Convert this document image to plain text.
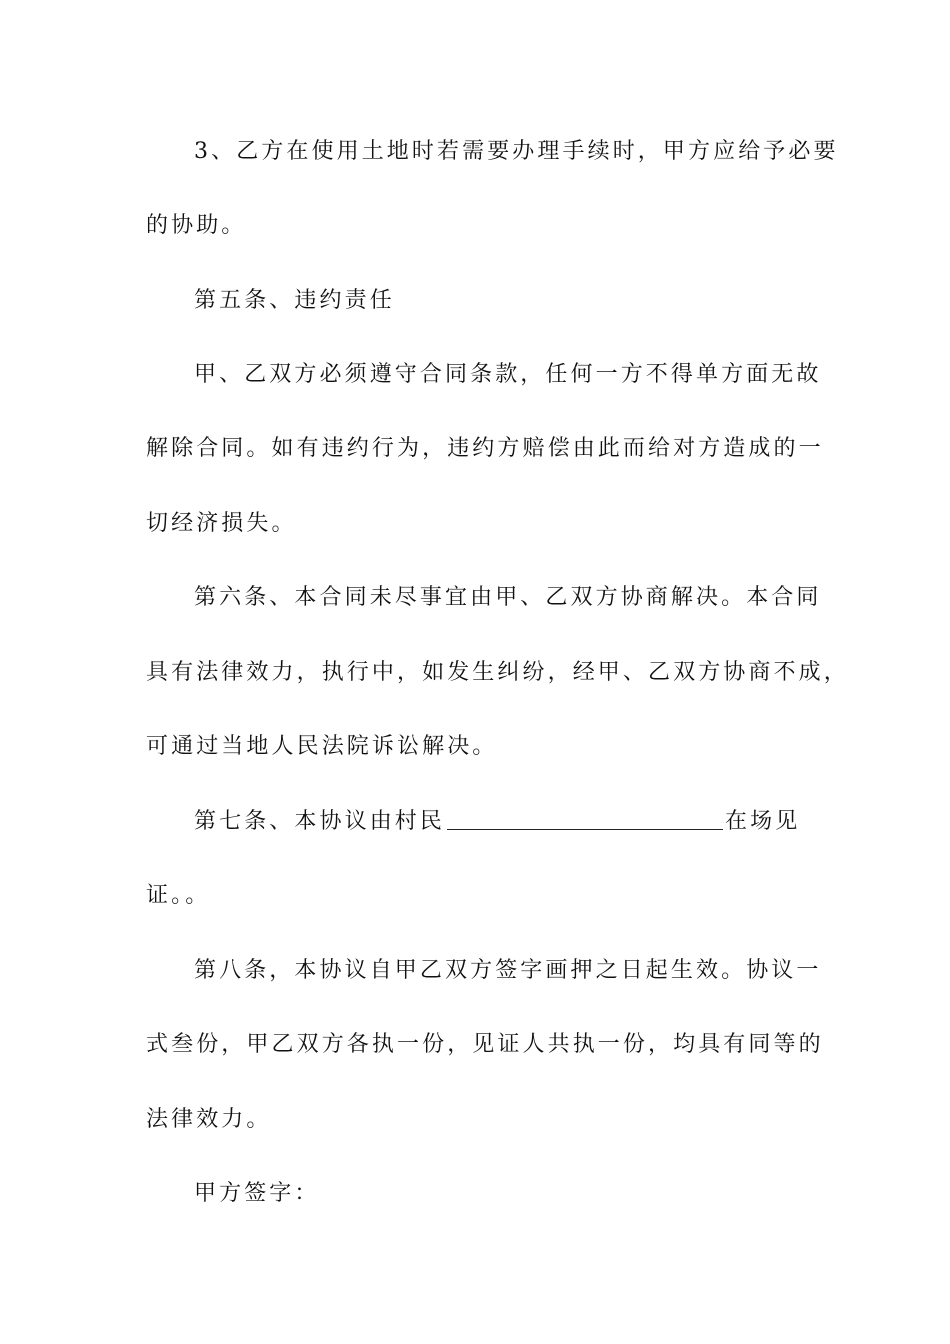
3、乙方在使用土地时若需要办理手续时，甲方应给予必要
的协助。
第五条、违约责任
甲、乙双方必须遵守合同条款，任何一方不得单方面无故
解除合同。如有违约行为，违约方赔偿由此而给对方造成的一
切经济损失。
第六条、本合同未尽事宜由甲、乙双方协商解决。本合同
具有法律效力，执行中，如发生纠纷，经甲、乙双方协商不成，
可通过当地人民法院诉讼解决。
第七条、本协议由村民	在场见
证。。
第八条，本协议自甲乙双方签字画押之日起生效。协议一
式叁份，甲乙双方各执一份，见证人共执一份，均具有同等的
法律效力。
甲方签字：
